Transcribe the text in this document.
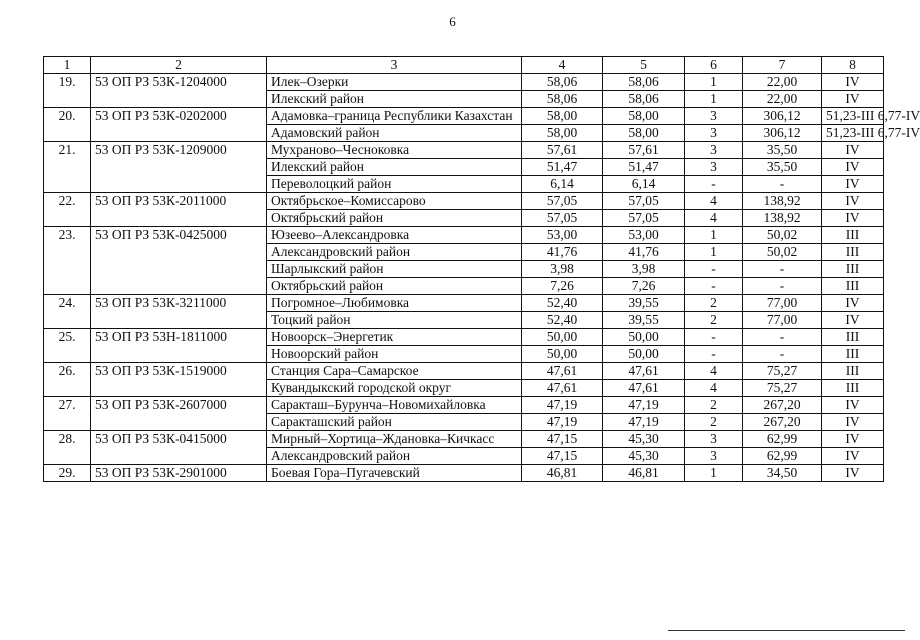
6
1	2	3	4	5	6	7	8
19.	53 ОП РЗ 53К-1204000	Илек–Озерки	58,06	58,06	1	22,00	IV
		Илекский район	58,06	58,06	1	22,00	IV
20.	53 ОП РЗ 53К-0202000	Адамовка–граница Республики Казахстан	58,00	58,00	3	306,12	51,23-III 6,77-IV
		Адамовский район	58,00	58,00	3	306,12	51,23-III 6,77-IV
21.	53 ОП РЗ 53К-1209000	Мухраново–Чесноковка	57,61	57,61	3	35,50	IV
		Илекский район	51,47	51,47	3	35,50	IV
		Переволоцкий район	6,14	6,14	-	-	IV
22.	53 ОП РЗ 53К-2011000	Октябрьское–Комиссарово	57,05	57,05	4	138,92	IV
		Октябрьский район	57,05	57,05	4	138,92	IV
23.	53 ОП РЗ 53К-0425000	Юзеево–Александровка	53,00	53,00	1	50,02	III
		Александровский район	41,76	41,76	1	50,02	III
		Шарлыкский район	3,98	3,98	-	-	III
		Октябрьский район	7,26	7,26	-	-	III
24.	53 ОП РЗ 53К-3211000	Погромное–Любимовка	52,40	39,55	2	77,00	IV
		Тоцкий район	52,40	39,55	2	77,00	IV
25.	53 ОП РЗ 53Н-1811000	Новоорск–Энергетик	50,00	50,00	-	-	III
		Новоорский район	50,00	50,00	-	-	III
26.	53 ОП РЗ 53К-1519000	Станция Сара–Самарское	47,61	47,61	4	75,27	III
		Кувандыкский городской округ	47,61	47,61	4	75,27	III
27.	53 ОП РЗ 53К-2607000	Саракташ–Бурунча–Новомихайловка	47,19	47,19	2	267,20	IV
		Саракташский район	47,19	47,19	2	267,20	IV
28.	53 ОП РЗ 53К-0415000	Мирный–Хортица–Ждановка–Кичкасс	47,15	45,30	3	62,99	IV
		Александровский район	47,15	45,30	3	62,99	IV
29.	53 ОП РЗ 53К-2901000	Боевая Гора–Пугачевский	46,81	46,81	1	34,50	IV
